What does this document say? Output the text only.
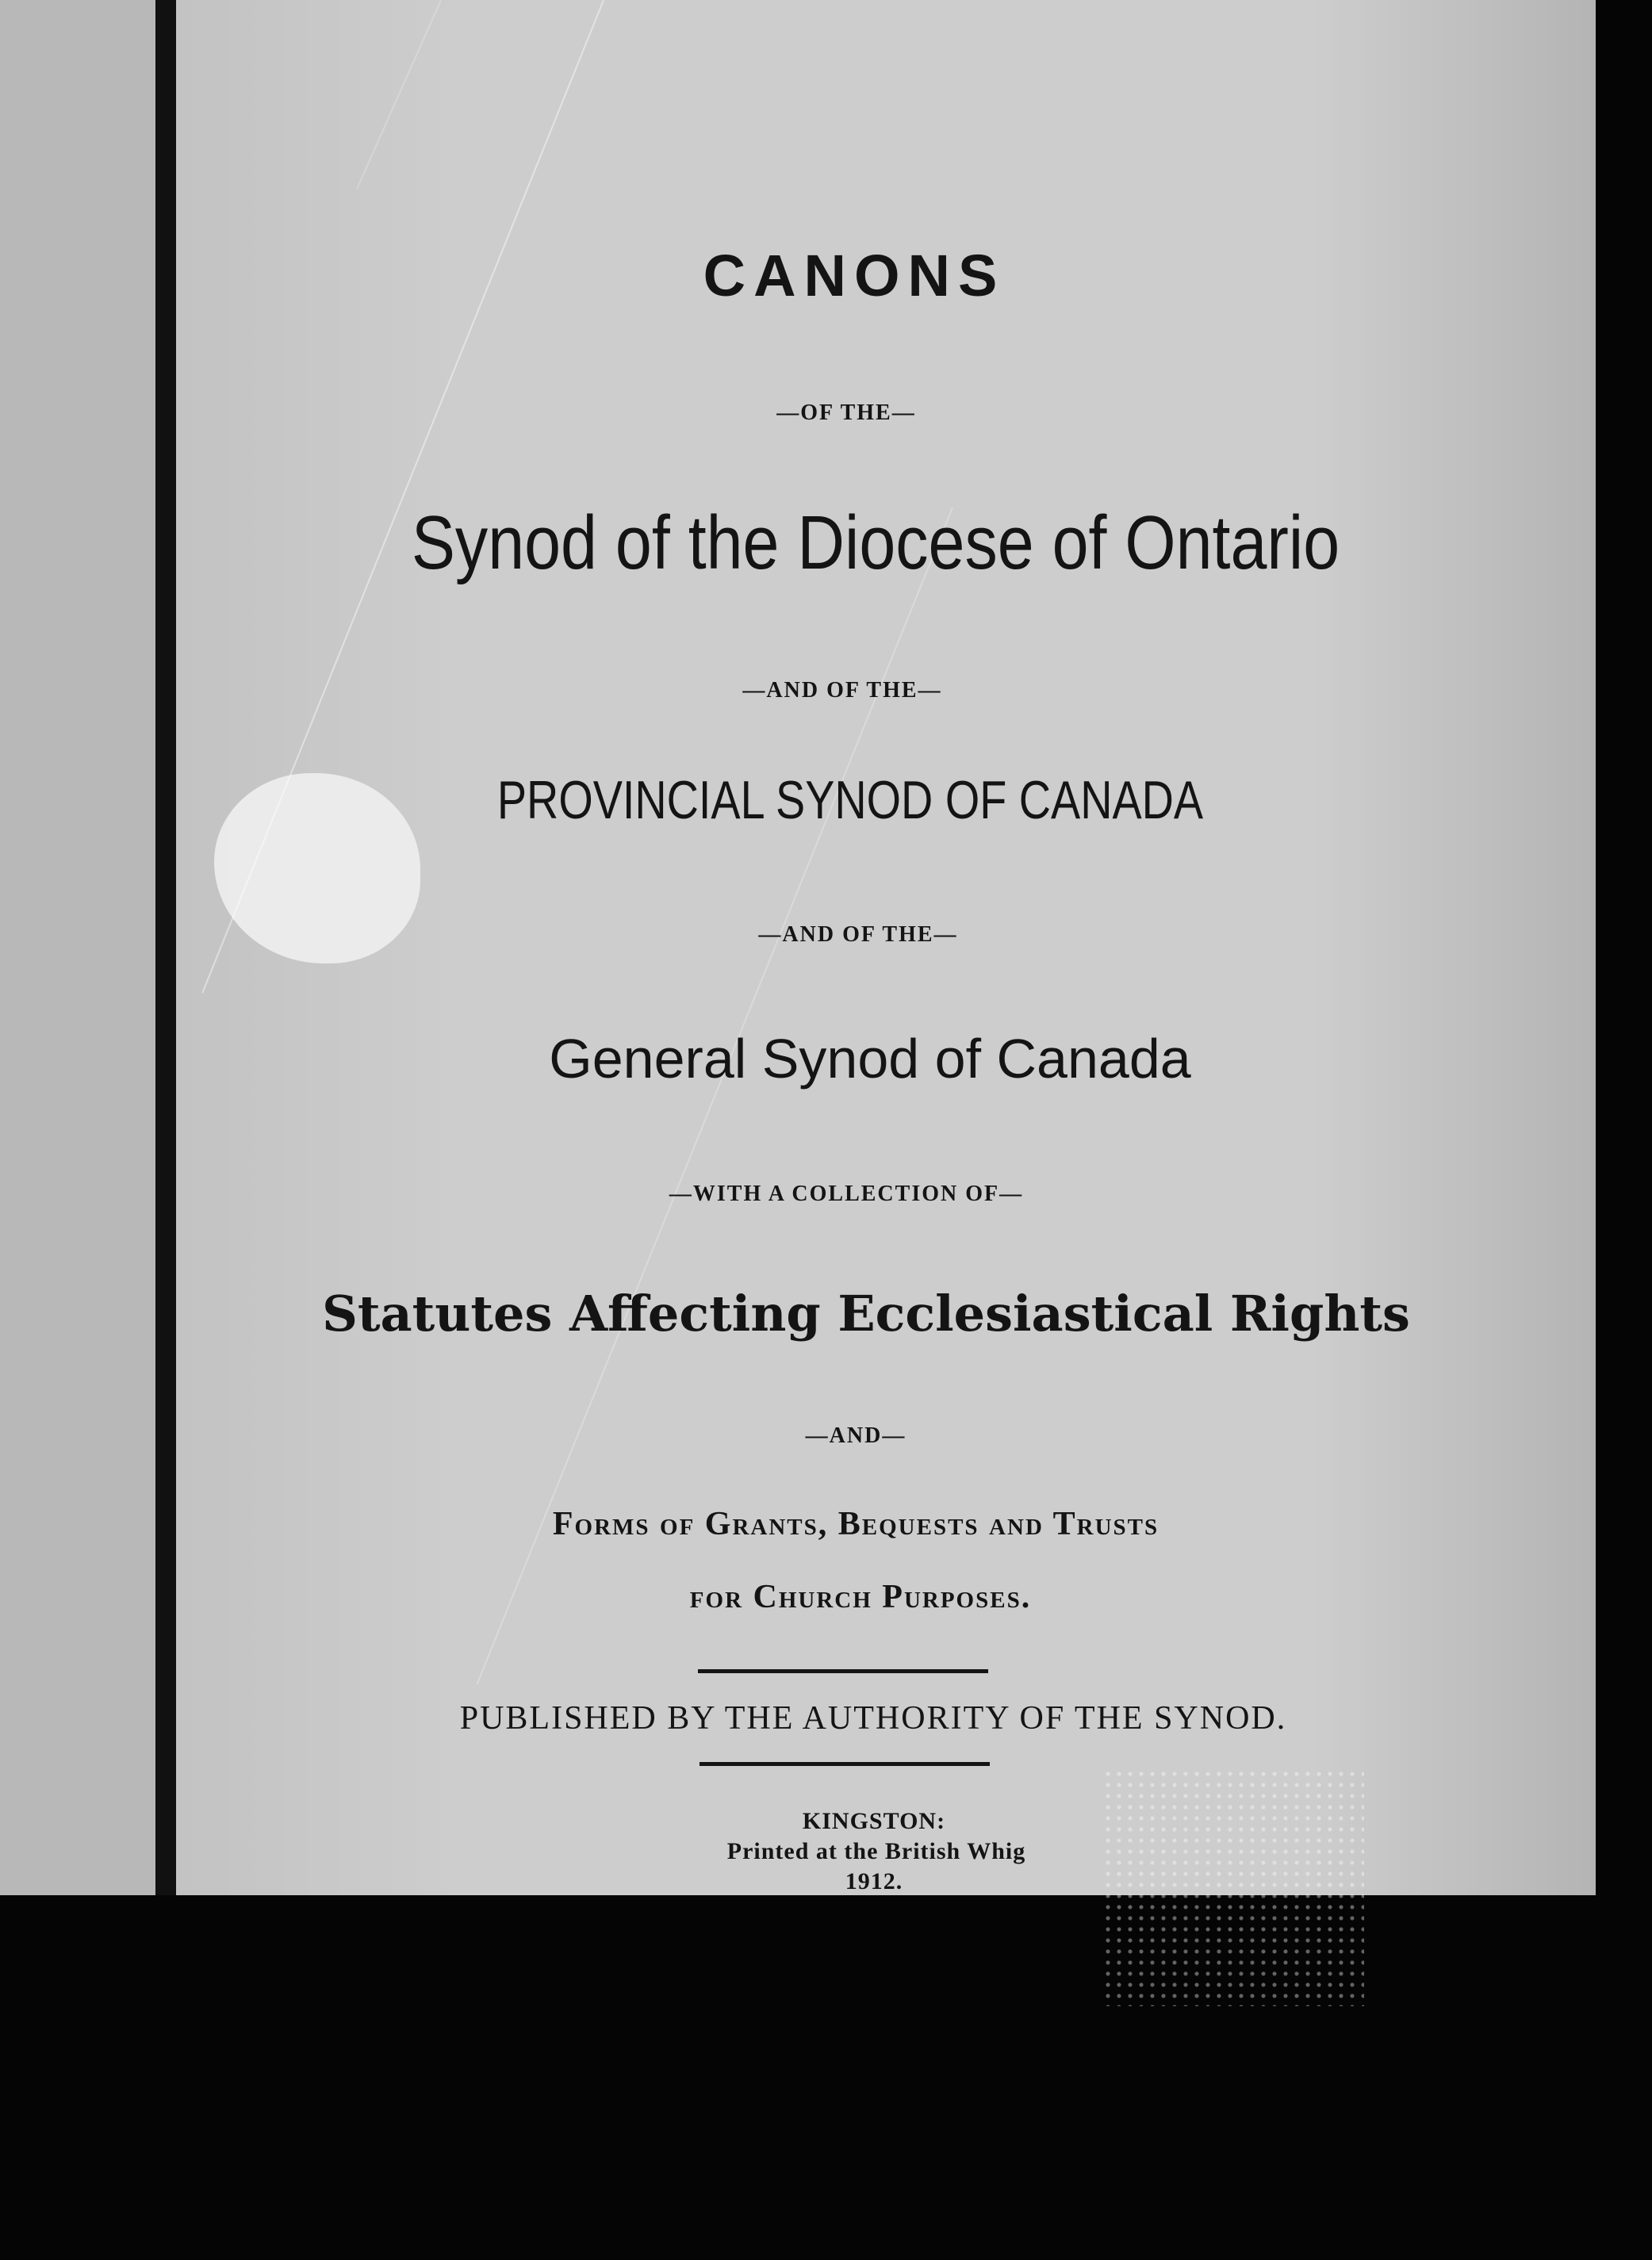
CANONS
—OF THE—
Synod of the Diocese of Ontario
—AND OF THE—
PROVINCIAL SYNOD OF CANADA
—AND OF THE—
General Synod of Canada
—WITH A COLLECTION OF—
Statutes Affecting Ecclesiastical Rights
—AND—
Forms of Grants, Bequests and Trusts
for Church Purposes.
PUBLISHED BY THE AUTHORITY OF THE SYNOD.
KINGSTON:
Printed at the British Whig
1912.
